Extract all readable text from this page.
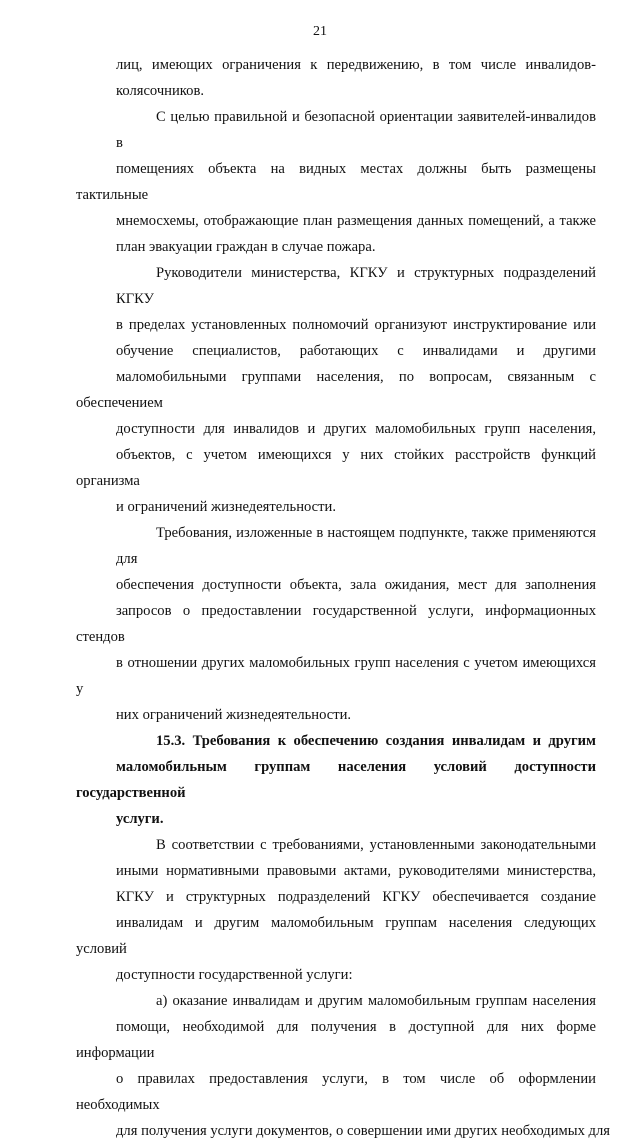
21
лиц, имеющих ограничения к передвижению, в том числе инвалидов-
колясочников.
С целью правильной и безопасной ориентации заявителей-инвалидов в
помещениях объекта на видных местах должны быть размещены тактильные
мнемосхемы, отображающие план размещения данных помещений, а также
план эвакуации граждан в случае пожара.
Руководители министерства, КГКУ и структурных подразделений КГКУ
в пределах установленных полномочий организуют инструктирование или
обучение специалистов, работающих с инвалидами и другими
маломобильными группами населения, по вопросам, связанным с обеспечением
доступности для инвалидов и других маломобильных групп населения,
объектов, с учетом имеющихся у них стойких расстройств функций организма
и ограничений жизнедеятельности.
Требования, изложенные в настоящем подпункте, также применяются для
обеспечения доступности объекта, зала ожидания, мест для заполнения
запросов о предоставлении государственной услуги, информационных стендов
в отношении других маломобильных групп населения с учетом имеющихся у
них ограничений жизнедеятельности.
15.3. Требования к обеспечению создания инвалидам и другим
маломобильным группам населения условий доступности государственной
услуги.
В соответствии с требованиями, установленными законодательными
иными нормативными правовыми актами, руководителями министерства,
КГКУ и структурных подразделений КГКУ обеспечивается создание
инвалидам и другим маломобильным группам населения следующих условий
доступности государственной услуги:
а) оказание инвалидам и другим маломобильным группам населения
помощи, необходимой для получения в доступной для них форме информации
о правилах предоставления услуги, в том числе об оформлении необходимых
для получения услуги документов, о совершении ими других необходимых для
